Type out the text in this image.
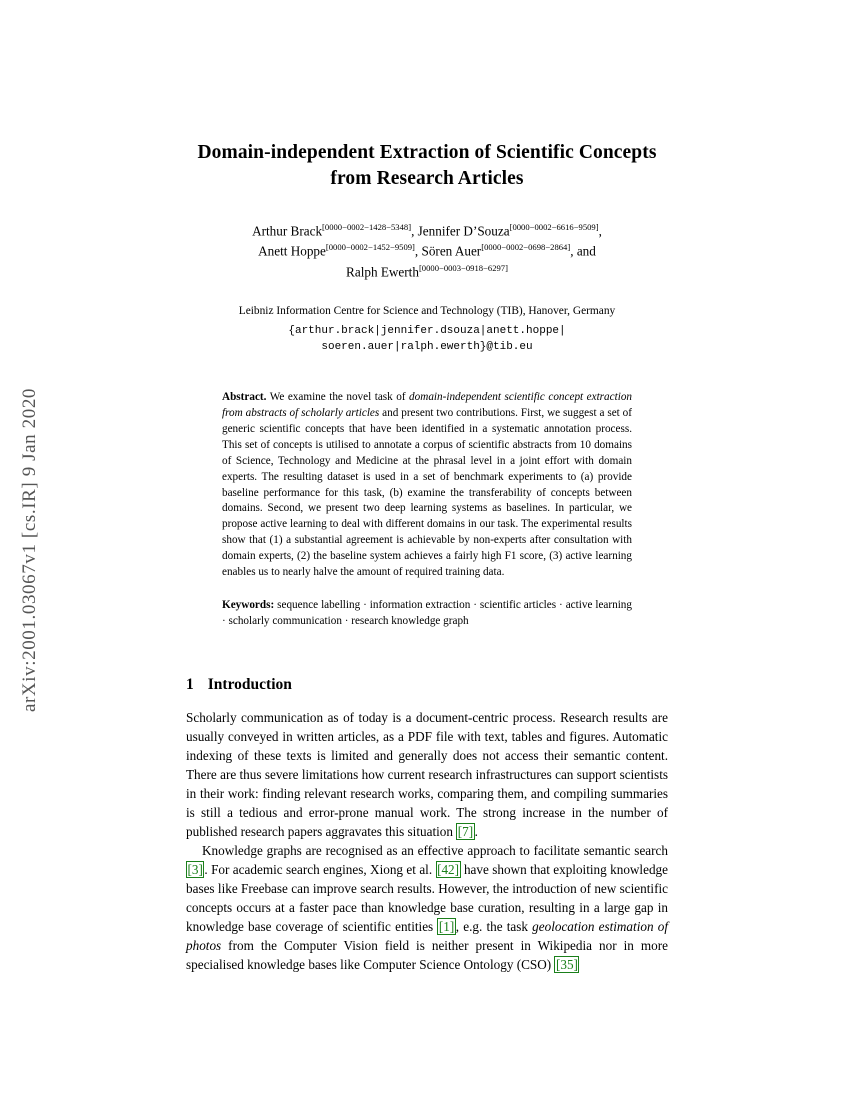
arXiv:2001.03067v1 [cs.IR] 9 Jan 2020
Domain-independent Extraction of Scientific Concepts
from Research Articles
Arthur Brack[0000−0002−1428−5348], Jennifer D’Souza[0000−0002−6616−9509],
Anett Hoppe[0000−0002−1452−9509], Sören Auer[0000−0002−0698−2864], and
Ralph Ewerth[0000−0003−0918−6297]
Leibniz Information Centre for Science and Technology (TIB), Hanover, Germany
{arthur.brack|jennifer.dsouza|anett.hoppe|
soeren.auer|ralph.ewerth}@tib.eu
Abstract. We examine the novel task of domain-independent scientific concept extraction from abstracts of scholarly articles and present two contributions. First, we suggest a set of generic scientific concepts that have been identified in a systematic annotation process. This set of concepts is utilised to annotate a corpus of scientific abstracts from 10 domains of Science, Technology and Medicine at the phrasal level in a joint effort with domain experts. The resulting dataset is used in a set of benchmark experiments to (a) provide baseline performance for this task, (b) examine the transferability of concepts between domains. Second, we present two deep learning systems as baselines. In particular, we propose active learning to deal with different domains in our task. The experimental results show that (1) a substantial agreement is achievable by non-experts after consultation with domain experts, (2) the baseline system achieves a fairly high F1 score, (3) active learning enables us to nearly halve the amount of required training data.
Keywords: sequence labelling · information extraction · scientific articles · active learning · scholarly communication · research knowledge graph
1 Introduction

Scholarly communication as of today is a document-centric process. Research results are usually conveyed in written articles, as a PDF file with text, tables and figures. Automatic indexing of these texts is limited and generally does not access their semantic content. There are thus severe limitations how current research infrastructures can support scientists in their work: finding relevant research works, comparing them, and compiling summaries is still a tedious and error-prone manual work. The strong increase in the number of published research papers aggravates this situation [7] .

Knowledge graphs are recognised as an effective approach to facilitate semantic search [3] . For academic search engines, Xiong et al. [42] have shown that exploiting knowledge bases like Freebase can improve search results. However, the introduction of new scientific concepts occurs at a faster pace than knowledge base curation, resulting in a large gap in knowledge base coverage of scientific entities [1] , e.g. the task geolocation estimation of photos from the Computer Vision field is neither present in Wikipedia nor in more specialised knowledge bases like Computer Science Ontology (CSO) [35]
